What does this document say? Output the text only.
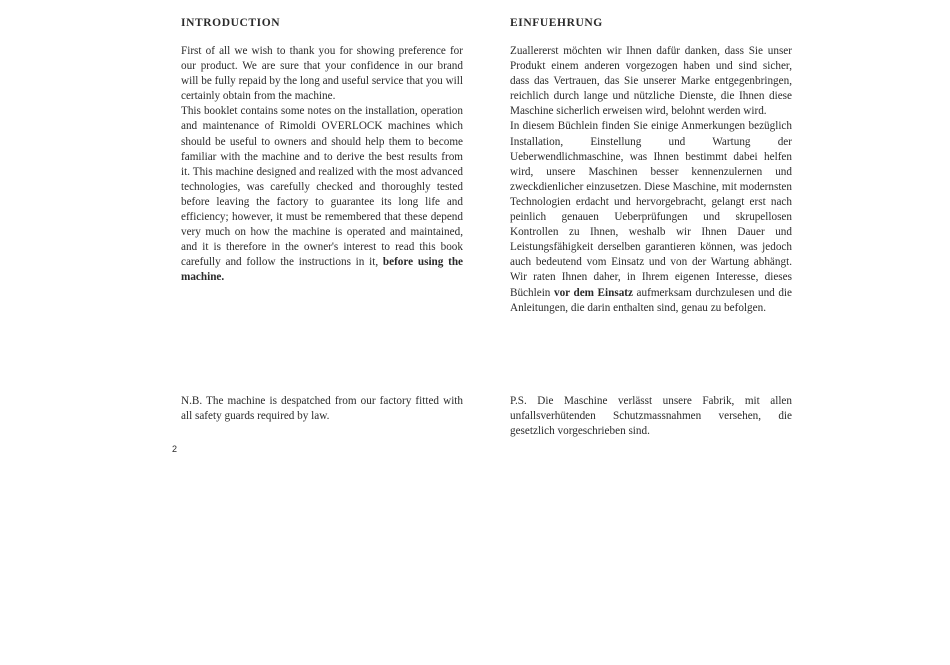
INTRODUCTION

First of all we wish to thank you for showing preference for our product. We are sure that your confidence in our brand will be fully repaid by the long and useful service that you will certainly obtain from the machine.
This booklet contains some notes on the installation, operation and maintenance of Rimoldi OVERLOCK machines which should be useful to owners and should help them to become familiar with the machine and to derive the best results from it. This machine designed and realized with the most advanced technologies, was carefully checked and thoroughly tested before leaving the factory to guarantee its long life and efficiency; however, it must be remembered that these depend very much on how the machine is operated and maintained, and it is therefore in the owner's interest to read this book carefully and follow the instructions in it, before using the machine.

EINFUEHRUNG

Zuallererst möchten wir Ihnen dafür danken, dass Sie unser Produkt einem anderen vorgezogen haben und sind sicher, dass das Vertrauen, das Sie unserer Marke entgegenbringen, reichlich durch lange und nützliche Dienste, die Ihnen diese Maschine sicherlich erweisen wird, belohnt werden wird.
In diesem Büchlein finden Sie einige Anmerkungen bezüglich Installation, Einstellung und Wartung der Ueberwendlichmaschine, was Ihnen bestimmt dabei helfen wird, unsere Maschinen besser kennenzulernen und zweckdienlicher einzusetzen. Diese Maschine, mit modernsten Technologien erdacht und hervorgebracht, gelangt erst nach peinlich genauen Ueberprüfungen und skrupellosen Kontrollen zu Ihnen, weshalb wir Ihnen Dauer und Leistungsfähigkeit derselben garantieren können, was jedoch auch bedeutend vom Einsatz und von der Wartung abhängt. Wir raten Ihnen daher, in Ihrem eigenen Interesse, dieses Büchlein vor dem Einsatz aufmerksam durchzulesen und die Anleitungen, die darin enthalten sind, genau zu befolgen.

N.B. The machine is despatched from our factory fitted with all safety guards required by law.

P.S. Die Maschine verlässt unsere Fabrik, mit allen unfallsverhütenden Schutzmassnahmen versehen, die gesetzlich vorgeschrieben sind.

2
